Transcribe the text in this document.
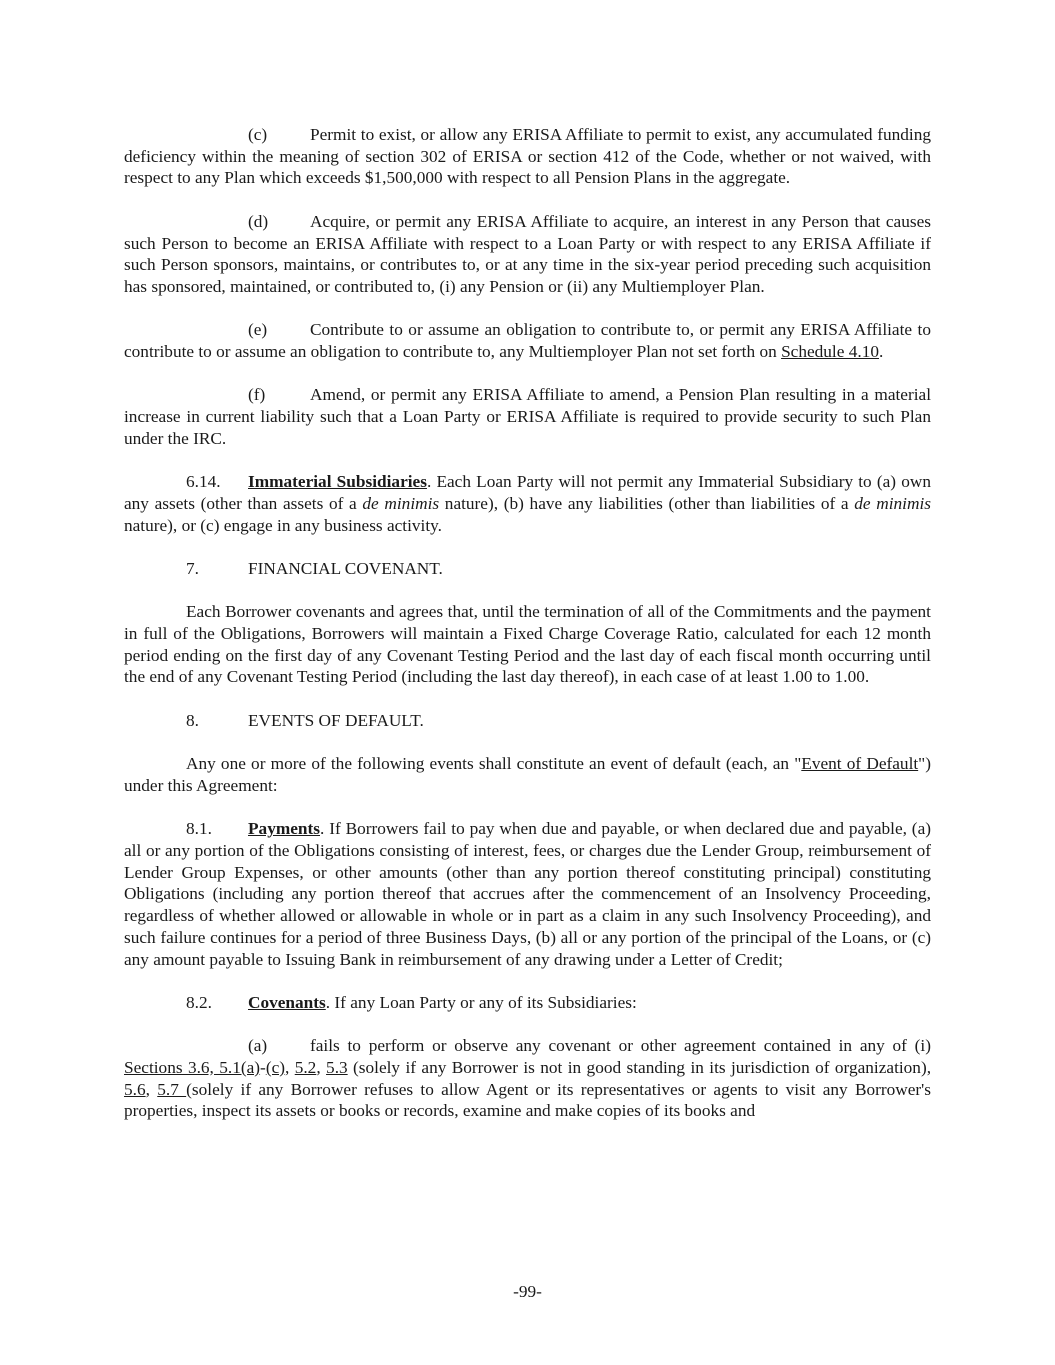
(c) Permit to exist, or allow any ERISA Affiliate to permit to exist, any accumulated funding deficiency within the meaning of section 302 of ERISA or section 412 of the Code, whether or not waived, with respect to any Plan which exceeds $1,500,000 with respect to all Pension Plans in the aggregate.

(d) Acquire, or permit any ERISA Affiliate to acquire, an interest in any Person that causes such Person to become an ERISA Affiliate with respect to a Loan Party or with respect to any ERISA Affiliate if such Person sponsors, maintains, or contributes to, or at any time in the six-year period preceding such acquisition has sponsored, maintained, or contributed to, (i) any Pension or (ii) any Multiemployer Plan.

(e) Contribute to or assume an obligation to contribute to, or permit any ERISA Affiliate to contribute to or assume an obligation to contribute to, any Multiemployer Plan not set forth on Schedule 4.10.

(f)	Amend, or permit any ERISA Affiliate to amend, a Pension Plan resulting in a material increase in current liability such that a Loan Party or ERISA Affiliate is required to provide security to such Plan under the IRC.

6.14. Immaterial Subsidiaries. Each Loan Party will not permit any Immaterial Subsidiary to (a) own any assets (other than assets of a de minimis nature), (b) have any liabilities (other than liabilities of a de minimis nature), or (c) engage in any business activity.

7.	FINANCIAL COVENANT.

Each Borrower covenants and agrees that, until the termination of all of the Commitments and the payment in full of the Obligations, Borrowers will maintain a Fixed Charge Coverage Ratio, calculated for each 12 month period ending on the first day of any Covenant Testing Period and the last day of each fiscal month occurring until the end of any Covenant Testing Period (including the last day thereof), in each case of at least 1.00 to 1.00.

8.	EVENTS OF DEFAULT.

Any one or more of the following events shall constitute an event of default (each, an "Event of Default") under this Agreement:

8.1. Payments. If Borrowers fail to pay when due and payable, or when declared due and payable, (a) all or any portion of the Obligations consisting of interest, fees, or charges due the Lender Group, reimbursement of Lender Group Expenses, or other amounts (other than any portion thereof constituting principal) constituting Obligations (including any portion thereof that accrues after the commencement of an Insolvency Proceeding, regardless of whether allowed or allowable in whole or in part as a claim in any such Insolvency Proceeding), and such failure continues for a period of three Business Days, (b) all or any portion of the principal of the Loans, or (c) any amount payable to Issuing Bank in reimbursement of any drawing under a Letter of Credit;

8.2. Covenants. If any Loan Party or any of its Subsidiaries:

(a) fails to perform or observe any covenant or other agreement contained in any of (i) Sections 3.6, 5.1(a)-(c), 5.2, 5.3 (solely if any Borrower is not in good standing in its jurisdiction of organization), 5.6, 5.7 (solely if any Borrower refuses to allow Agent or its representatives or agents to visit any Borrower's properties, inspect its assets or books or records, examine and make copies of its books and

-99-
